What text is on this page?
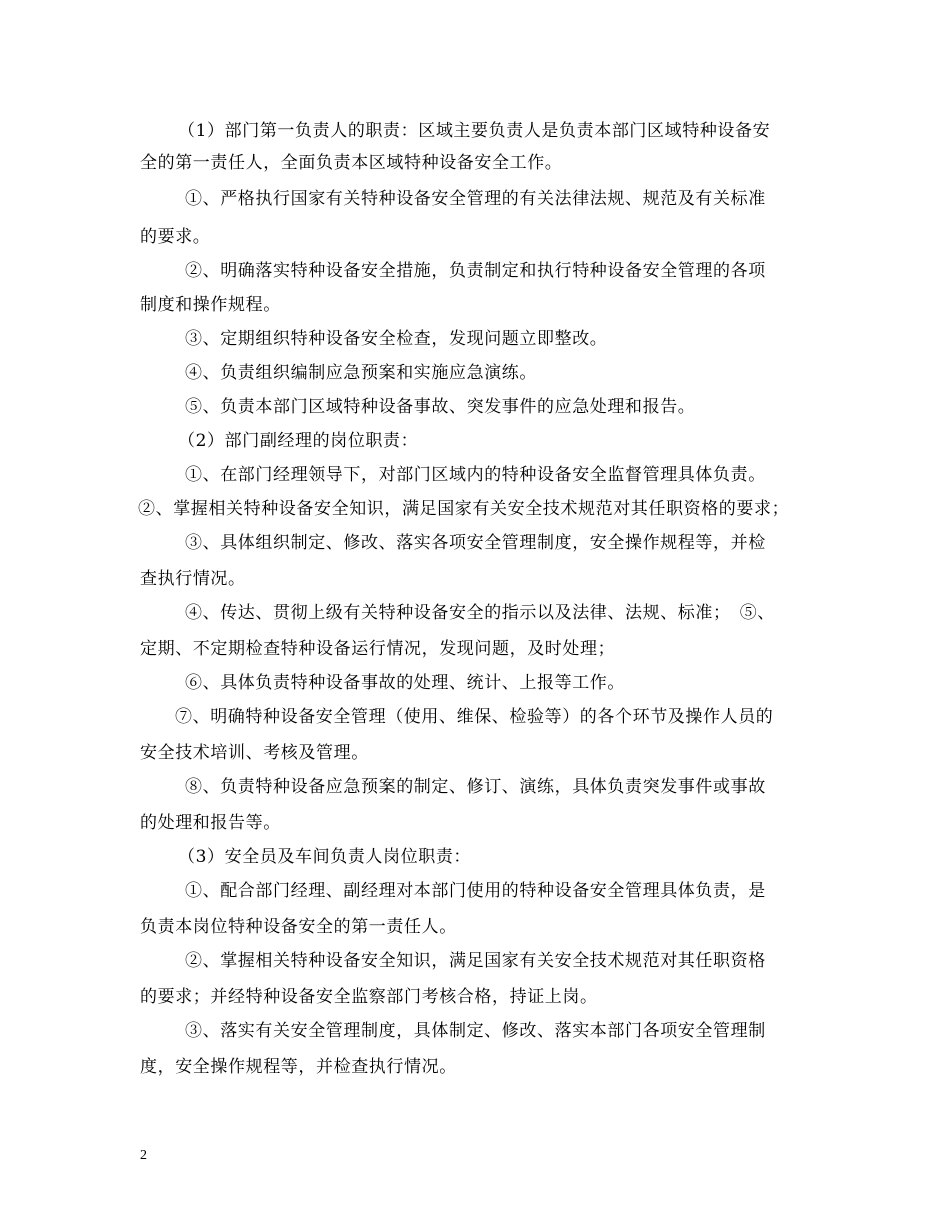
（1）部门第一负责人的职责：区域主要负责人是负责本部门区域特种设备安
全的第一责任人，全面负责本区域特种设备安全工作。
①、严格执行国家有关特种设备安全管理的有关法律法规、规范及有关标准
的要求。
②、明确落实特种设备安全措施，负责制定和执行特种设备安全管理的各项
制度和操作规程。
③、定期组织特种设备安全检查，发现问题立即整改。
④、负责组织编制应急预案和实施应急演练。
⑤、负责本部门区域特种设备事故、突发事件的应急处理和报告。
（2）部门副经理的岗位职责：
①、在部门经理领导下，对部门区域内的特种设备安全监督管理具体负责。
②、掌握相关特种设备安全知识，满足国家有关安全技术规范对其任职资格的要求；
③、具体组织制定、修改、落实各项安全管理制度，安全操作规程等，并检
查执行情况。
④、传达、贯彻上级有关特种设备安全的指示以及法律、法规、标准；　⑤、
定期、不定期检查特种设备运行情况，发现问题，及时处理；
⑥、具体负责特种设备事故的处理、统计、上报等工作。
⑦、明确特种设备安全管理（使用、维保、检验等）的各个环节及操作人员的
安全技术培训、考核及管理。
⑧、负责特种设备应急预案的制定、修订、演练，具体负责突发事件或事故
的处理和报告等。
（3）安全员及车间负责人岗位职责：
①、配合部门经理、副经理对本部门使用的特种设备安全管理具体负责，是
负责本岗位特种设备安全的第一责任人。
②、掌握相关特种设备安全知识，满足国家有关安全技术规范对其任职资格
的要求；并经特种设备安全监察部门考核合格，持证上岗。
③、落实有关安全管理制度，具体制定、修改、落实本部门各项安全管理制
度，安全操作规程等，并检查执行情况。
2
